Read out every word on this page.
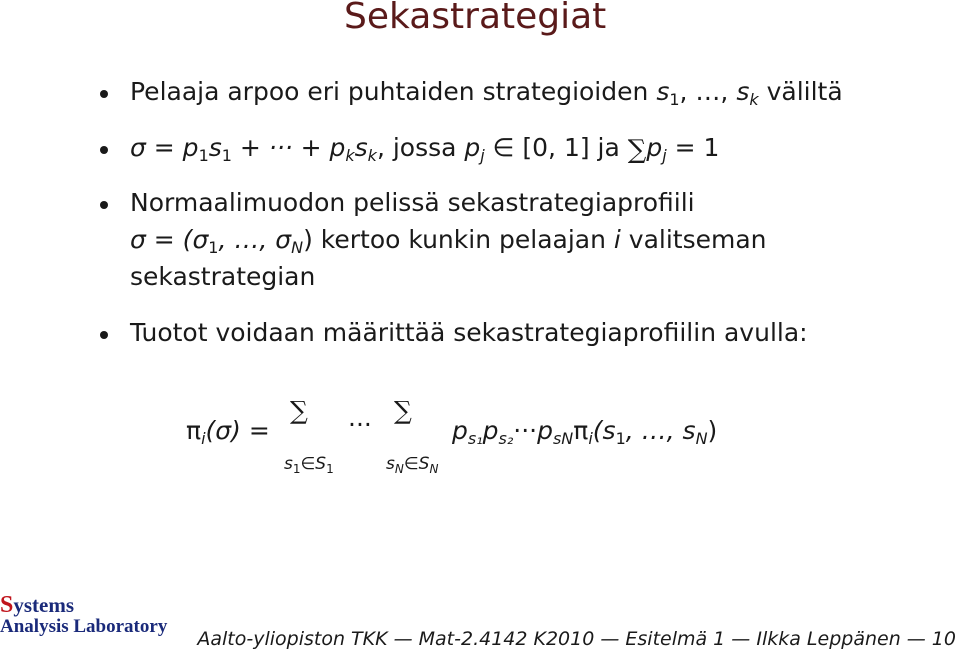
Sekastrategiat
Pelaaja arpoo eri puhtaiden strategioiden $s_1$, …, $s_k$ väliltä
$\sigma = p_1s_1$ + ··· + $p_ks_k$, jossa $p_j$ ∈ [0, 1] ja $\sum p_j = 1$
Normaalimuodon pelissä sekastrategiaprofiili
$\sigma = (\sigma_1$, …, $\sigma_N$) kertoo kunkin pelaajan i valitseman
sekastrategian
Tuotot voidaan määrittää sekastrategiaprofiilin avulla:
$\pi_i(\sigma)$ =
∑ ··· ∑
$s_1\in S_1$	$s_N\in S_N$
$p_{s_1}p_{s_2}\cdot\cdot\cdot p_{sN}\pi_i(s_1$, …, $s_N$)
Systems
Analysis Laboratory
Aalto-yliopiston TKK — Mat-2.4142 K2010 — Esitelmä 1 — Ilkka Leppänen — 10
